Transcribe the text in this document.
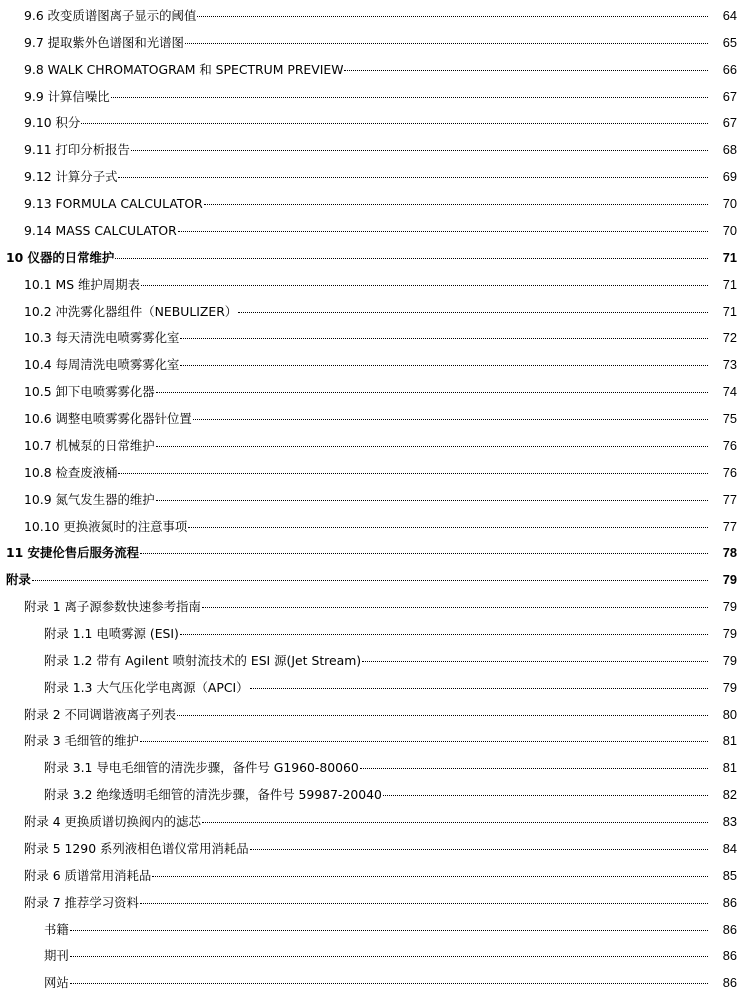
9.6 改变质谱图离子显示的阈值	64
9.7 提取紫外色谱图和光谱图	65
9.8 WALK CHROMATOGRAM 和 SPECTRUM PREVIEW	66
9.9 计算信噪比	67
9.10 积分	67
9.11 打印分析报告	68
9.12 计算分子式	69
9.13 FORMULA CALCULATOR	70
9.14 MASS CALCULATOR	70
10 仪器的日常维护	71
10.1 MS 维护周期表	71
10.2 冲洗雾化器组件（NEBULIZER）	71
10.3 每天清洗电喷雾雾化室	72
10.4 每周清洗电喷雾雾化室	73
10.5 卸下电喷雾雾化器	74
10.6 调整电喷雾雾化器针位置	75
10.7 机械泵的日常维护	76
10.8 检查废液桶	76
10.9 氮气发生器的维护	77
10.10 更换液氮时的注意事项	77
11 安捷伦售后服务流程	78
附录	79
附录 1 离子源参数快速参考指南	79
附录 1.1 电喷雾源 (ESI)	79
附录 1.2 带有 Agilent 喷射流技术的 ESI 源(Jet Stream)	79
附录 1.3 大气压化学电离源（APCI）	79
附录 2 不同调谐液离子列表	80
附录 3 毛细管的维护	81
附录 3.1 导电毛细管的清洗步骤，备件号 G1960-80060	81
附录 3.2 绝缘透明毛细管的清洗步骤，备件号 59987-20040	82
附录 4 更换质谱切换阀内的滤芯	83
附录 5 1290 系列液相色谱仪常用消耗品	84
附录 6 质谱常用消耗品	85
附录 7 推荐学习资料	86
书籍	86
期刊	86
网站	86
